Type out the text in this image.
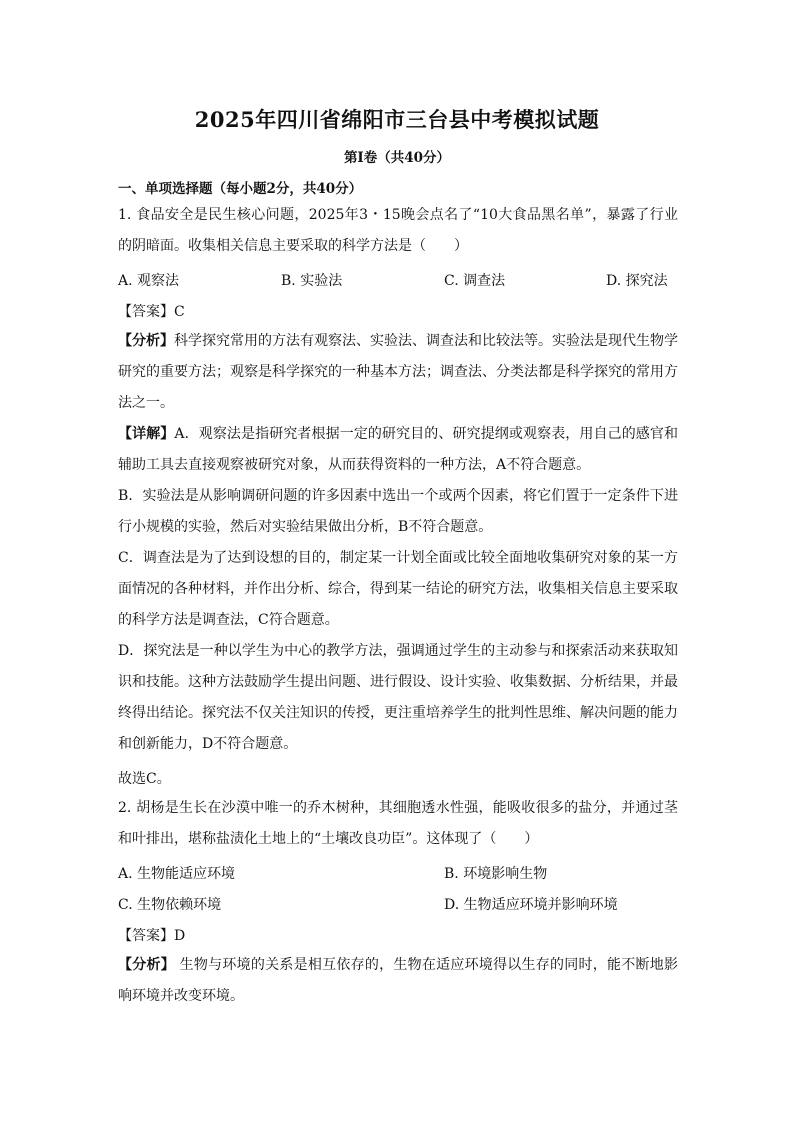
2025年四川省绵阳市三台县中考模拟试题
第I卷（共40分）
一、单项选择题（每小题2分，共40分）
1. 食品安全是民生核心问题，2025年3・15晚会点名了“10大食品黑名单”，暴露了行业的阴暗面。收集相关信息主要采取的科学方法是（　　）
A. 观察法	B. 实验法	C. 调查法	D. 探究法
【答案】C
【分析】科学探究常用的方法有观察法、实验法、调查法和比较法等。实验法是现代生物学研究的重要方法；观察是科学探究的一种基本方法；调查法、分类法都是科学探究的常用方法之一。
【详解】A．观察法是指研究者根据一定的研究目的、研究提纲或观察表，用自己的感官和辅助工具去直接观察被研究对象，从而获得资料的一种方法，A不符合题意。
B．实验法是从影响调研问题的许多因素中选出一个或两个因素，将它们置于一定条件下进行小规模的实验，然后对实验结果做出分析，B不符合题意。
C．调查法是为了达到设想的目的，制定某一计划全面或比较全面地收集研究对象的某一方面情况的各种材料，并作出分析、综合，得到某一结论的研究方法，收集相关信息主要采取的科学方法是调查法，C符合题意。
D．探究法是一种以学生为中心的教学方法，强调通过学生的主动参与和探索活动来获取知识和技能。这种方法鼓励学生提出问题、进行假设、设计实验、收集数据、分析结果，并最终得出结论。探究法不仅关注知识的传授，更注重培养学生的批判性思维、解决问题的能力和创新能力，D不符合题意。
故选C。
2. 胡杨是生长在沙漠中唯一的乔木树种，其细胞透水性强，能吸收很多的盐分，并通过茎和叶排出，堪称盐渍化土地上的“土壤改良功臣”。这体现了（　　）
A. 生物能适应环境	B. 环境影响生物
C. 生物依赖环境	D. 生物适应环境并影响环境
【答案】D
【分析】 生物与环境的关系是相互依存的，生物在适应环境得以生存的同时，能不断地影响环境并改变环境。
